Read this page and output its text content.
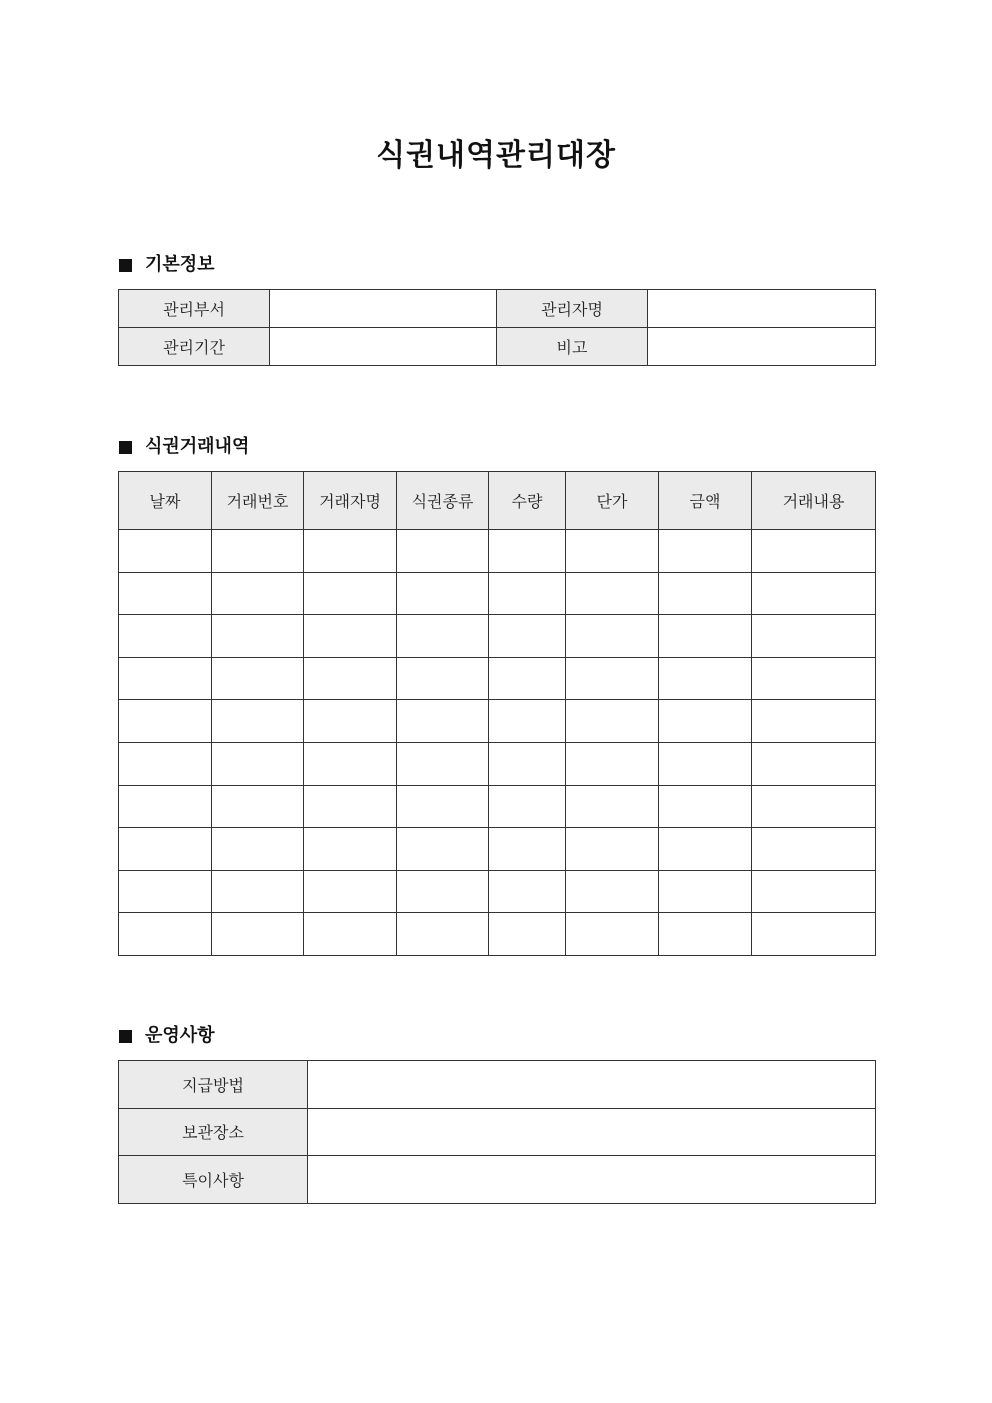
식권내역관리대장
기본정보
관리부서		관리자명	
관리기간		비고	
식권거래내역
날짜	거래번호	거래자명	식권종류	수량	단가	금액	거래내용

운영사항
지급방법	
보관장소	
특이사항	
